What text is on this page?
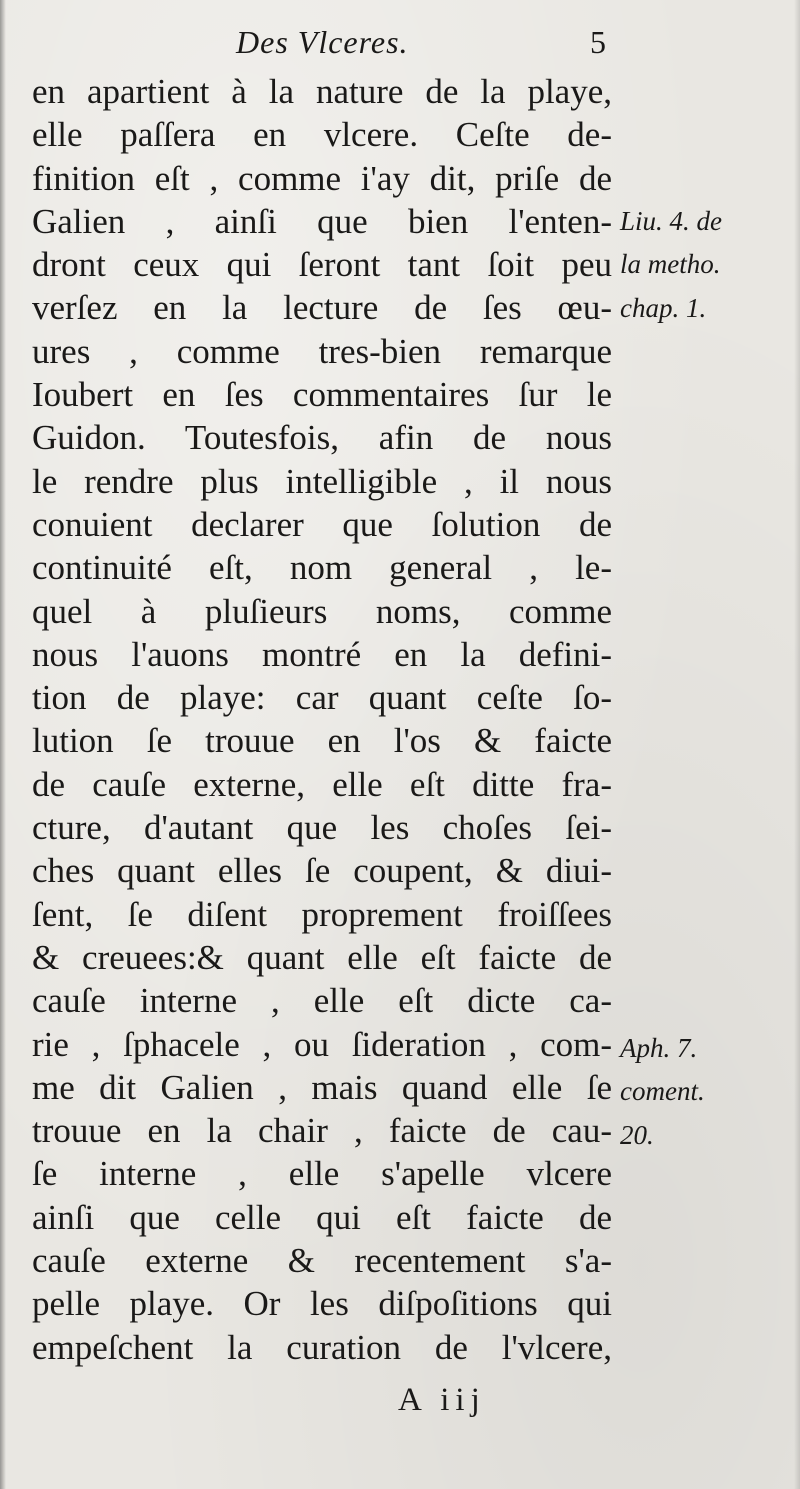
Des Vlceres.	5
en apartient à la nature de la playe,
elle paſſera en vlcere. Ceſte de-
finition eſt , comme i'ay dit, priſe de
Galien , ainſi que bien l'enten-
dront ceux qui ſeront tant ſoit peu
verſez en la lecture de ſes œu-
ures , comme tres-bien remarque
Ioubert en ſes commentaires ſur le
Guidon. Toutesfois, afin de nous
le rendre plus intelligible , il nous
conuient declarer que ſolution de
continuité eſt, nom general , le-
quel à pluſieurs noms, comme
nous l'auons montré en la defini-
tion de playe: car quant ceſte ſo-
lution ſe trouue en l'os & faicte
de cauſe externe, elle eſt ditte fra-
cture, d'autant que les choſes ſei-
ches quant elles ſe coupent, & diui-
ſent, ſe diſent proprement froiſſees
& creuees:& quant elle eſt faicte de
cauſe interne , elle eſt dicte ca-
rie , ſphacele , ou ſideration , com-
me dit Galien , mais quand elle ſe
trouue en la chair , faicte de cau-
ſe interne , elle s'apelle vlcere
ainſi que celle qui eſt faicte de
cauſe externe & recentement s'a-
pelle playe. Or les diſpoſitions qui
empeſchent la curation de l'vlcere,
Liu. 4. de
la metho.
chap. 1.
Aph. 7.
coment.
20.
A iij
